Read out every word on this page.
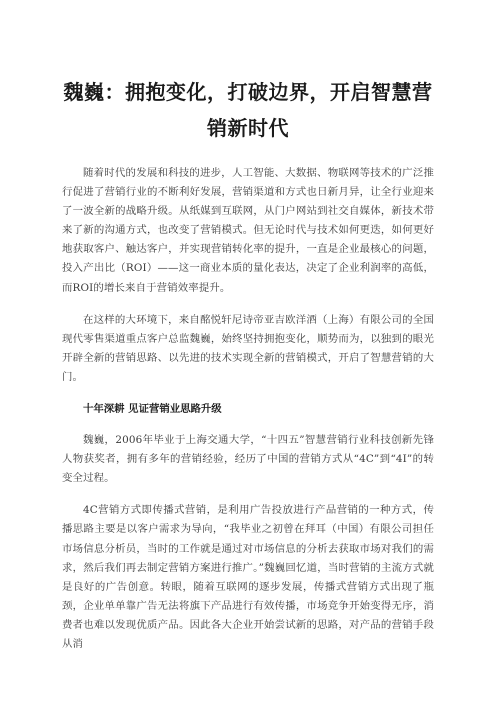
魏巍：拥抱变化，打破边界，开启智慧营销新时代

随着时代的发展和科技的进步，人工智能、大数据、物联网等技术的广泛推行促进了营销行业的不断利好发展，营销渠道和方式也日新月异，让全行业迎来了一波全新的战略升级。从纸媒到互联网，从门户网站到社交自媒体，新技术带来了新的沟通方式，也改变了营销模式。但无论时代与技术如何更迭，如何更好地获取客户、触达客户，并实现营销转化率的提升，一直是企业最核心的问题，投入产出比（ROI）——这一商业本质的量化表达，决定了企业利润率的高低，而ROI的增长来自于营销效率提升。

在这样的大环境下，来自酩悦轩尼诗帝亚吉欧洋酒（上海）有限公司的全国现代零售渠道重点客户总监魏巍，始终坚持拥抱变化，顺势而为，以独到的眼光开辟全新的营销思路、以先进的技术实现全新的营销模式，开启了智慧营销的大门。

十年深耕 见证营销业思路升级

魏巍，2006年毕业于上海交通大学，“十四五”智慧营销行业科技创新先锋人物获奖者，拥有多年的营销经验，经历了中国的营销方式从“4C”到“4I”的转变全过程。

4C营销方式即传播式营销，是利用广告投放进行产品营销的一种方式，传播思路主要是以客户需求为导向，“我毕业之初曾在拜耳（中国）有限公司担任市场信息分析员，当时的工作就是通过对市场信息的分析去获取市场对我们的需求，然后我们再去制定营销方案进行推广。”魏巍回忆道，当时营销的主流方式就是良好的广告创意。转眼，随着互联网的逐步发展，传播式营销方式出现了瓶颈，企业单单靠广告无法将旗下产品进行有效传播，市场竞争开始变得无序，消费者也难以发现优质产品。因此各大企业开始尝试新的思路，对产品的营销手段从消
